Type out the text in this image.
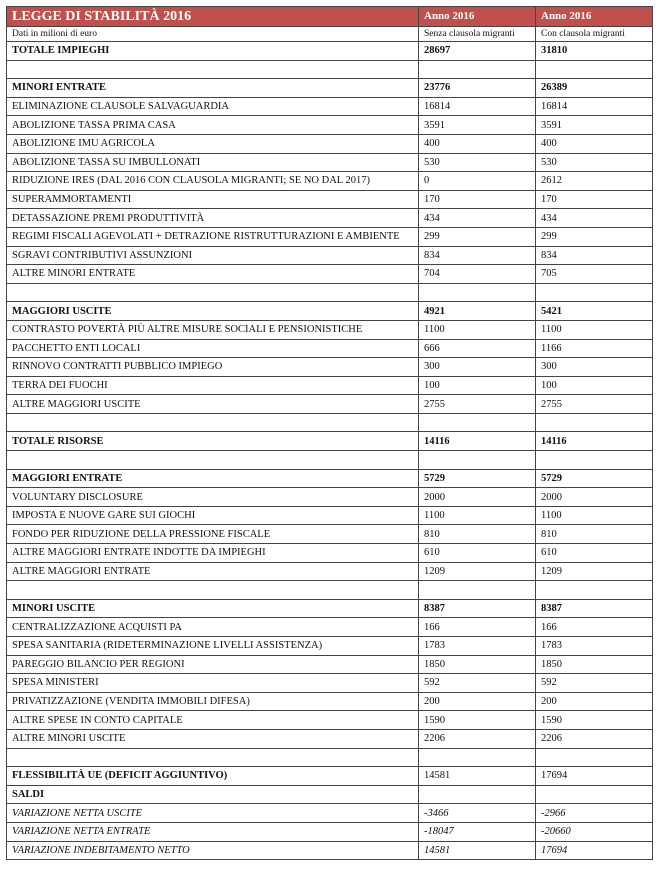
LEGGE DI STABILITÀ 2016	Anno 2016	Anno 2016
Dati in milioni di euro	Senza clausola migranti	Con clausola migranti
TOTALE IMPIEGHI	28697	31810

MINORI ENTRATE	23776	26389
ELIMINAZIONE CLAUSOLE SALVAGUARDIA	16814	16814
ABOLIZIONE TASSA PRIMA CASA	3591	3591
ABOLIZIONE IMU AGRICOLA	400	400
ABOLIZIONE TASSA SU IMBULLONATI	530	530
RIDUZIONE IRES (DAL 2016 CON CLAUSOLA MIGRANTI; SE NO DAL 2017)	0	2612
SUPERAMMORTAMENTI	170	170
DETASSAZIONE PREMI PRODUTTIVITÀ	434	434
REGIMI FISCALI AGEVOLATI + DETRAZIONE RISTRUTTURAZIONI E AMBIENTE	299	299
SGRAVI CONTRIBUTIVI ASSUNZIONI	834	834
ALTRE MINORI ENTRATE	704	705

MAGGIORI USCITE	4921	5421
CONTRASTO POVERTÀ PIÙ ALTRE MISURE SOCIALI E PENSIONISTICHE	1100	1100
PACCHETTO ENTI LOCALI	666	1166
RINNOVO CONTRATTI PUBBLICO IMPIEGO	300	300
TERRA DEI FUOCHI	100	100
ALTRE MAGGIORI USCITE	2755	2755

TOTALE RISORSE	14116	14116

MAGGIORI ENTRATE	5729	5729
VOLUNTARY DISCLOSURE	2000	2000
IMPOSTA E NUOVE GARE SUI GIOCHI	1100	1100
FONDO PER RIDUZIONE DELLA PRESSIONE FISCALE	810	810
ALTRE MAGGIORI ENTRATE INDOTTE DA IMPIEGHI	610	610
ALTRE MAGGIORI ENTRATE	1209	1209

MINORI USCITE	8387	8387
CENTRALIZZAZIONE ACQUISTI PA	166	166
SPESA SANITARIA (RIDETERMINAZIONE LIVELLI ASSISTENZA)	1783	1783
PAREGGIO BILANCIO PER REGIONI	1850	1850
SPESA MINISTERI	592	592
PRIVATIZZAZIONE (VENDITA IMMOBILI DIFESA)	200	200
ALTRE SPESE IN CONTO CAPITALE	1590	1590
ALTRE MINORI USCITE	2206	2206

FLESSIBILITÀ UE (DEFICIT AGGIUNTIVO)	14581	17694
SALDI		
VARIAZIONE NETTA USCITE	-3466	-2966
VARIAZIONE NETTA ENTRATE	-18047	-20660
VARIAZIONE INDEBITAMENTO NETTO	14581	17694
